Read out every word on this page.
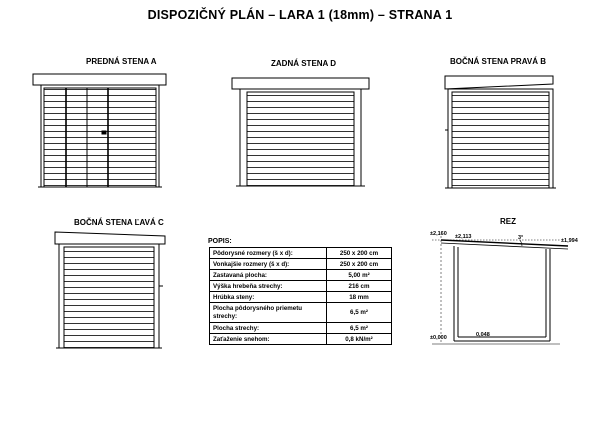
DISPOZIČNÝ PLÁN – LARA 1 (18mm) – STRANA 1
PREDNÁ STENA A	ZADNÁ STENA D	BOČNÁ STENA PRAVÁ B
BOČNÁ STENA ĽAVÁ C	REZ
±2,160 ±2,113	3°	±1,994
±0,000	0,048
POPIS:
Pôdorysné rozmery (š x d):	250 x 200 cm
Vonkajšie rozmery (š x d):	250 x 200 cm
Zastavaná plocha:	5,00 m²
Výška hrebeňa strechy:	216 cm
Hrúbka steny:	18 mm
Plocha pôdorysného priemetu strechy:	6,5 m²
Plocha strechy:	6,5 m²
Zaťaženie snehom:	0,8 kN/m²
